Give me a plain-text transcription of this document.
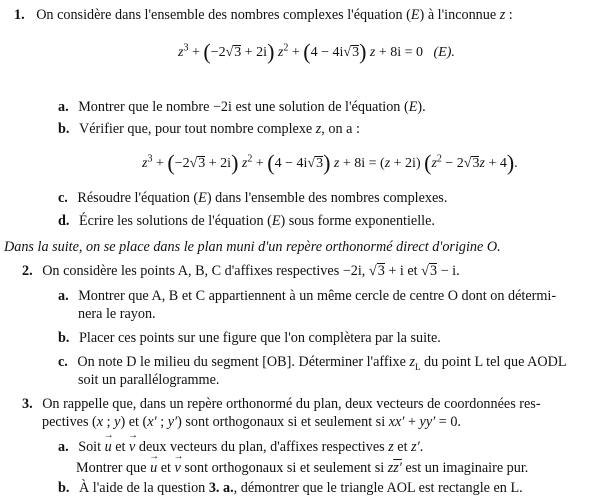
1. On considère dans l'ensemble des nombres complexes l'équation (E) à l'inconnue z :
$z^3 + (-2√3 + 2i) z^2 + (4 - 4i√3) z + 8i = 0$   (E).
a. Montrer que le nombre −2i est une solution de l'équation (E).
b. Vérifier que, pour tout nombre complexe z, on a :
$z^3 + (-2√3 + 2i) z^2 + (4 - 4i√3) z + 8i = (z + 2i) (z^2 - 2√3z + 4)$.
c. Résoudre l'équation (E) dans l'ensemble des nombres complexes.
d. Écrire les solutions de l'équation (E) sous forme exponentielle.
Dans la suite, on se place dans le plan muni d'un repère orthonormé direct d'origine O.
2. On considère les points A, B, C d'affixes respectives −2i, √3 + i et √3 − i.
a. Montrer que A, B et C appartiennent à un même cercle de centre O dont on détermi-
nera le rayon.
b. Placer ces points sur une figure que l'on complètera par la suite.
c. On note D le milieu du segment [OB]. Déterminer l'affixe $z_L$ du point L tel que AODL
soit un parallélogramme.
3. On rappelle que, dans un repère orthonormé du plan, deux vecteurs de coordonnées res-
pectives (x ; y) et (x′ ; y′) sont orthogonaux si et seulement si xx′ + yy′ = 0.
a. Soit → u et → v deux vecteurs du plan, d'affixes respectives z et z′.
Montrer que → u et → v sont orthogonaux si et seulement si zz′ est un imaginaire pur.
b. À l'aide de la question 3. a., démontrer que le triangle AOL est rectangle en L.
